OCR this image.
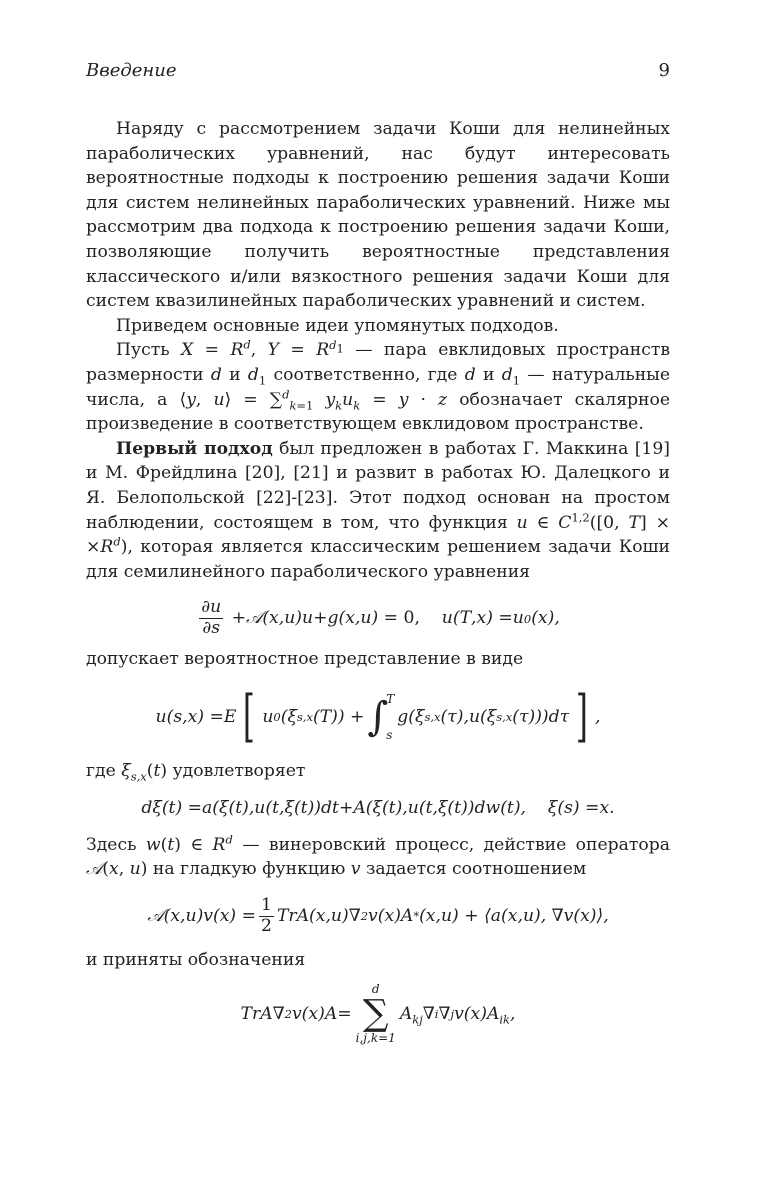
Введение	9

Наряду с рассмотрением задачи Коши для нелинейных параболических уравнений, нас будут интересовать вероятностные подходы к построению решения задачи Коши для систем нелинейных параболических уравнений. Ниже мы рассмотрим два подхода к построению решения задачи Коши, позволяющие получить вероятностные представления классического и/или вязкостного решения задачи Коши для систем квазилинейных параболических уравнений и систем.

Приведем основные идеи упомянутых подходов.

Пусть $X = R^d$, $Y = R^{d_1}$ — пара евклидовых пространств размерности d и $d_1$ соответственно, где d и $d_1$ — натуральные числа, а ⟨y, u⟩ = ∑$^d_{k=1}$ $y_ku_k = y \cdot z$ обозначает скалярное произведение в соответствующем евклидовом пространстве.

Первый подход был предложен в работах Г. Маккина [19] и М. Фрейдлина [20], [21] и развит в работах Ю. Далецкого и Я. Белопольской [22]-[23]. Этот подход основан на простом наблюдении, состоящем в том, что функция u ∈ C$^{1,2}$([0, $T] \times \times R^d$), которая является классическим решением задачи Коши для семилинейного параболического уравнения

$\frac{\partial u}{\partial s}$ + 𝒜 ( x , u ) u + g ( x , u ) = 0,
u ( T , x ) = u 0 ( x ),

допускает вероятностное представление в виде

u ( s , x ) = E [ u 0 ( ξ s,x ( T )) + ∫
T
s
g ( ξ s,x ( τ ), u ( ξ s,x ( τ ))) dτ ] ,

где $\xi_{s,x}(t)$ удовлетворяет

dξ ( t ) = a ( ξ ( t ), u ( t , ξ ( t )) dt + A ( ξ ( t ), u ( t , ξ ( t )) dw ( t ), ξ ( s ) = x .

Здесь w(t) ∈ $R^d$ — винеровский процесс, действие оператора 𝒜(x, u) на гладкую функцию v задается соотношением

𝒜 ( x , u ) v ( x ) = $\frac{1}{2}$ TrA ( x , u )∇ 2 v ( x ) A * ( x , u ) + ⟨ a ( x , u ), ∇ v ( x )⟩,

и приняты обозначения

TrA ∇ 2 v ( x ) A =
d
∑
i,j,k=1
$A_{kj}$ ∇ i ∇ j v ( x ) $A_{ik}$ ,
